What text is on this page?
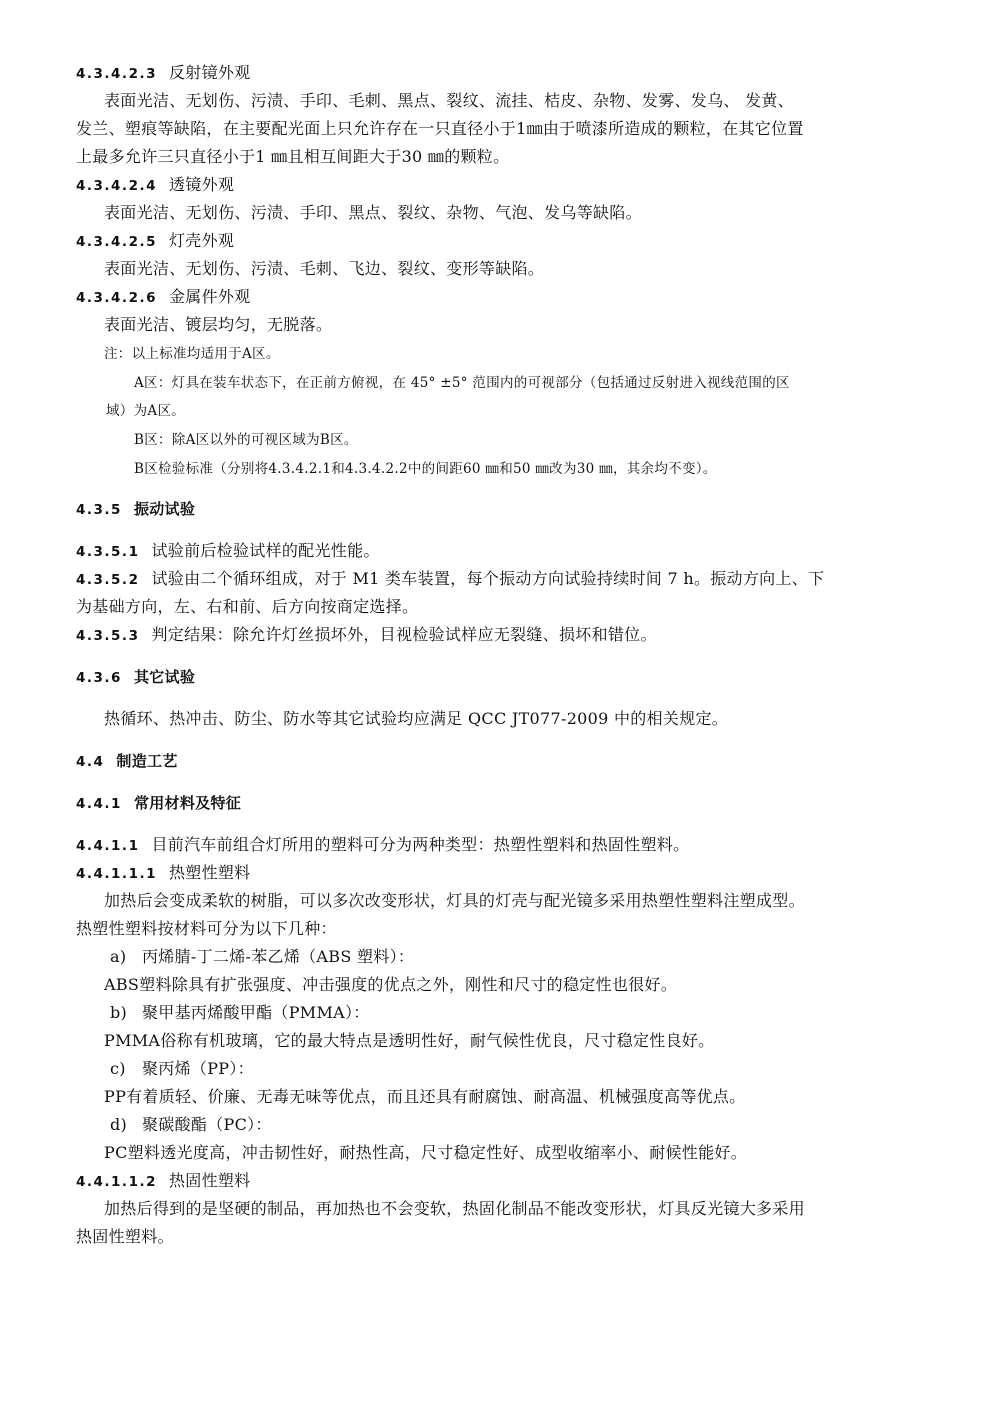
4.3.4.2.3 反射镜外观
表面光洁、无划伤、污渍、手印、毛刺、黑点、裂纹、流挂、桔皮、杂物、发雾、发乌、 发黄、
发兰、塑痕等缺陷，在主要配光面上只允许存在一只直径小于1㎜由于喷漆所造成的颗粒，在其它位置
上最多允许三只直径小于1 ㎜且相互间距大于30 ㎜的颗粒。
4.3.4.2.4 透镜外观
表面光洁、无划伤、污渍、手印、黑点、裂纹、杂物、气泡、发乌等缺陷。
4.3.4.2.5 灯壳外观
表面光洁、无划伤、污渍、毛刺、飞边、裂纹、变形等缺陷。
4.3.4.2.6 金属件外观
表面光洁、镀层均匀，无脱落。
注：以上标准均适用于A区。
A区：灯具在装车状态下，在正前方俯视，在 45° ±5° 范围内的可视部分（包括通过反射进入视线范围的区
域）为A区。
B区：除A区以外的可视区域为B区。
B区检验标准（分别将4.3.4.2.1和4.3.4.2.2中的间距60 ㎜和50 ㎜改为30 ㎜，其余均不变）。
4.3.5 振动试验
4.3.5.1 试验前后检验试样的配光性能。
4.3.5.2 试验由二个循环组成，对于 M1 类车装置，每个振动方向试验持续时间 7 h。振动方向上、下
为基础方向，左、右和前、后方向按商定选择。
4.3.5.3 判定结果：除允许灯丝损坏外，目视检验试样应无裂缝、损坏和错位。
4.3.6 其它试验
热循环、热冲击、防尘、防水等其它试验均应满足 QCC JT077-2009 中的相关规定。
4.4 制造工艺
4.4.1 常用材料及特征
4.4.1.1 目前汽车前组合灯所用的塑料可分为两种类型：热塑性塑料和热固性塑料。
4.4.1.1.1 热塑性塑料
加热后会变成柔软的树脂，可以多次改变形状，灯具的灯壳与配光镜多采用热塑性塑料注塑成型。
热塑性塑料按材料可分为以下几种：
a) 丙烯腈-丁二烯-苯乙烯（ABS 塑料）：
ABS塑料除具有扩张强度、冲击强度的优点之外，刚性和尺寸的稳定性也很好。
b) 聚甲基丙烯酸甲酯（PMMA）：
PMMA俗称有机玻璃，它的最大特点是透明性好，耐气候性优良，尺寸稳定性良好。
c) 聚丙烯（PP）：
PP有着质轻、价廉、无毒无味等优点，而且还具有耐腐蚀、耐高温、机械强度高等优点。
d) 聚碳酸酯（PC）：
PC塑料透光度高，冲击韧性好，耐热性高，尺寸稳定性好、成型收缩率小、耐候性能好。
4.4.1.1.2 热固性塑料
加热后得到的是坚硬的制品，再加热也不会变软，热固化制品不能改变形状，灯具反光镜大多采用
热固性塑料。
